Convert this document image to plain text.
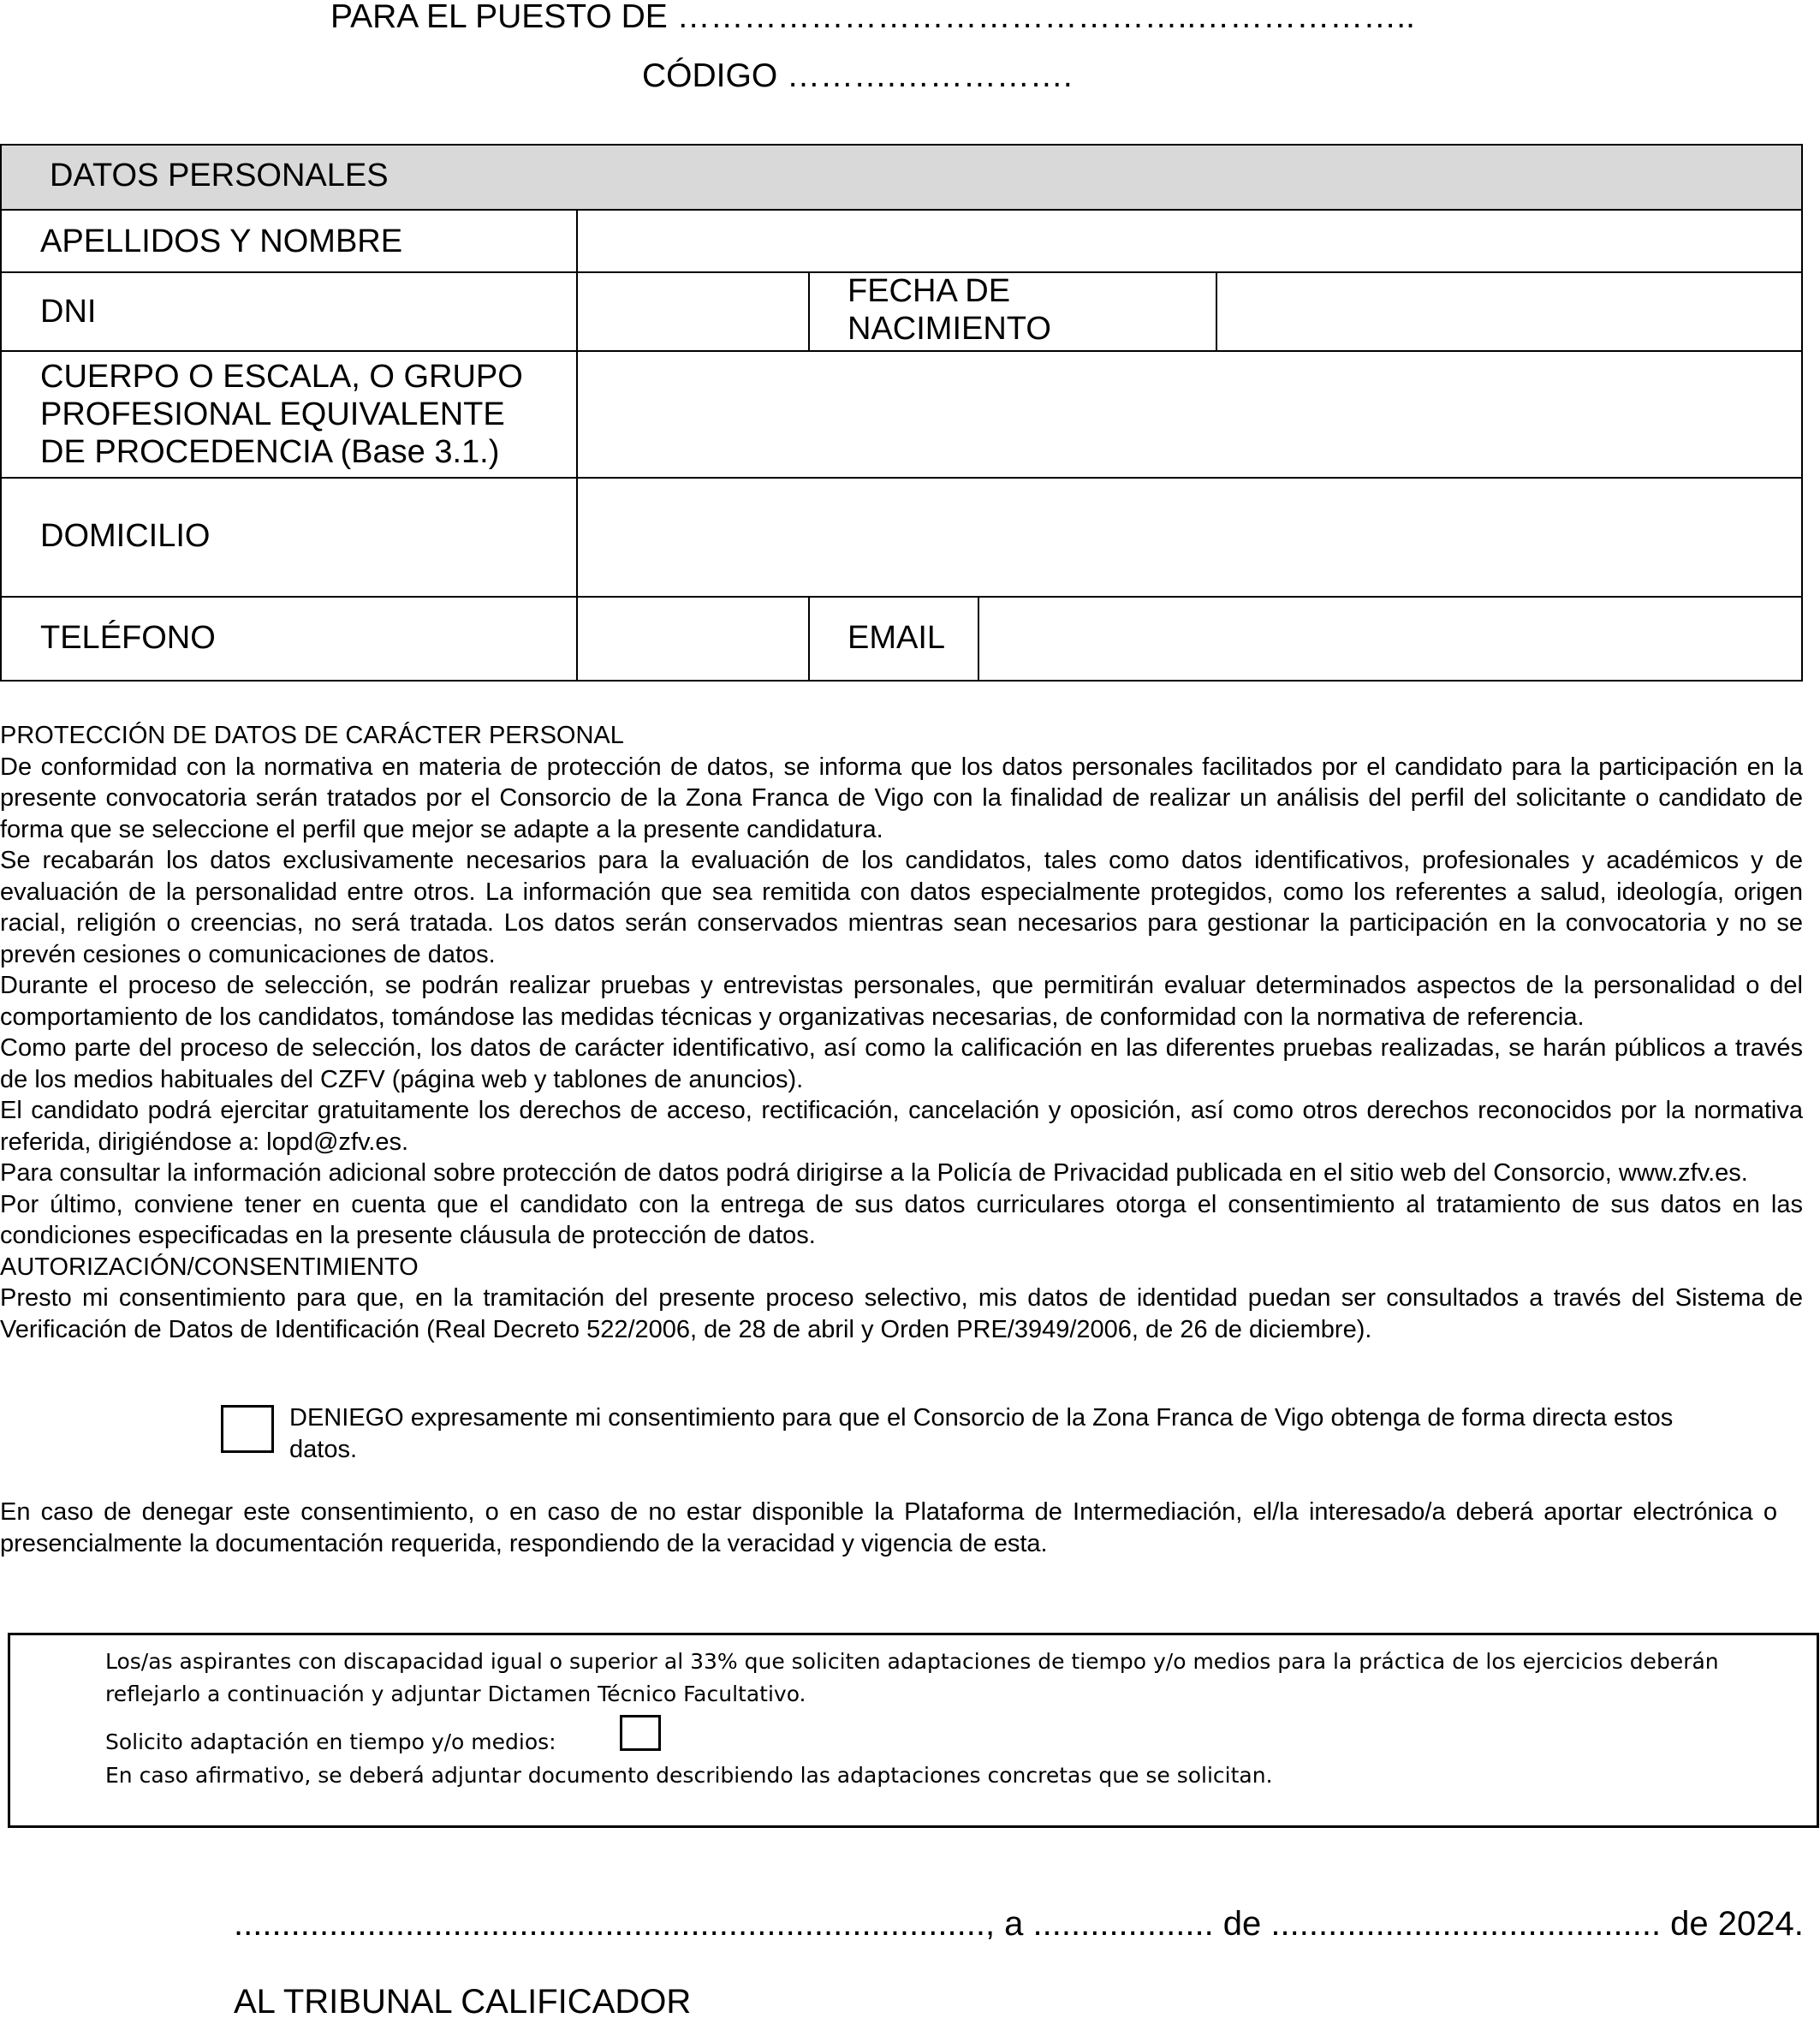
PARA EL PUESTO DE ………………………………………..………………..
CÓDIGO ……….…………….
DATOS PERSONALES
APELLIDOS Y NOMBRE
DNI
FECHA DE
NACIMIENTO
CUERPO O ESCALA, O GRUPO
PROFESIONAL EQUIVALENTE
DE PROCEDENCIA (Base 3.1.)
DOMICILIO
TELÉFONO	EMAIL

PROTECCIÓN DE DATOS DE CARÁCTER PERSONAL

De conformidad con la normativa en materia de protección de datos, se informa que los datos personales facilitados por el candidato para la participación en la presente convocatoria serán tratados por el Consorcio de la Zona Franca de Vigo con la finalidad de realizar un análisis del perfil del solicitante o candidato de forma que se seleccione el perfil que mejor se adapte a la presente candidatura.

Se recabarán los datos exclusivamente necesarios para la evaluación de los candidatos, tales como datos identificativos, profesionales y académicos y de evaluación de la personalidad entre otros. La información que sea remitida con datos especialmente protegidos, como los referentes a salud, ideología, origen racial, religión o creencias, no será tratada. Los datos serán conservados mientras sean necesarios para gestionar la participación en la convocatoria y no se prevén cesiones o comunicaciones de datos.

Durante el proceso de selección, se podrán realizar pruebas y entrevistas personales, que permitirán evaluar determinados aspectos de la personalidad o del comportamiento de los candidatos, tomándose las medidas técnicas y organizativas necesarias, de conformidad con la normativa de referencia.

Como parte del proceso de selección, los datos de carácter identificativo, así como la calificación en las diferentes pruebas realizadas, se harán públicos a través de los medios habituales del CZFV (página web y tablones de anuncios).

El candidato podrá ejercitar gratuitamente los derechos de acceso, rectificación, cancelación y oposición, así como otros derechos reconocidos por la normativa referida, dirigiéndose a: lopd@zfv.es.

Para consultar la información adicional sobre protección de datos podrá dirigirse a la Policía de Privacidad publicada en el sitio web del Consorcio, www.zfv.es.

Por último, conviene tener en cuenta que el candidato con la entrega de sus datos curriculares otorga el consentimiento al tratamiento de sus datos en las condiciones especificadas en la presente cláusula de protección de datos.

AUTORIZACIÓN/CONSENTIMIENTO

Presto mi consentimiento para que, en la tramitación del presente proceso selectivo, mis datos de identidad puedan ser consultados a través del Sistema de Verificación de Datos de Identificación (Real Decreto 522/2006, de 28 de abril y Orden PRE/3949/2006, de 26 de diciembre).

DENIEGO expresamente mi consentimiento para que el Consorcio de la Zona Franca de Vigo obtenga de forma directa estos datos.
En caso de denegar este consentimiento, o en caso de no estar disponible la Plataforma de Intermediación, el/la interesado/a deberá aportar electrónica o presencialmente la documentación requerida, respondiendo de la veracidad y vigencia de esta.
Los/as aspirantes con discapacidad igual o superior al 33% que soliciten adaptaciones de tiempo y/o medios para la práctica de los ejercicios deberán reflejarlo a continuación y adjuntar Dictamen Técnico Facultativo.
Solicito adaptación en tiempo y/o medios:
En caso afirmativo, se deberá adjuntar documento describiendo las adaptaciones concretas que se solicitan.
..............................................................................., a ................... de ......................................... de 2024.
AL TRIBUNAL CALIFICADOR
